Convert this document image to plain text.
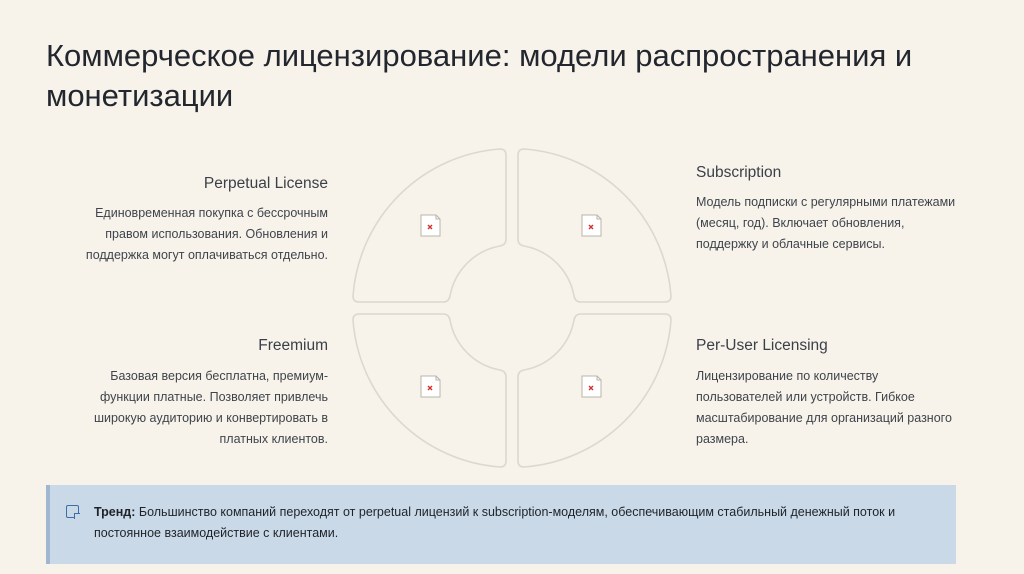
Коммерческое лицензирование: модели распространения и монетизации
Perpetual License
Единовременная покупка с бессрочным
правом использования. Обновления и
поддержка могут оплачиваться отдельно.
Subscription
Модель подписки с регулярными платежами
(месяц, год). Включает обновления,
поддержку и облачные сервисы.
Freemium
Базовая версия бесплатна, премиум-
функции платные. Позволяет привлечь
широкую аудиторию и конвертировать в
платных клиентов.
Per-User Licensing
Лицензирование по количеству
пользователей или устройств. Гибкое
масштабирование для организаций разного
размера.
Тренд: Большинство компаний переходят от perpetual лицензий к subscription-моделям, обеспечивающим стабильный денежный поток и
постоянное взаимодействие с клиентами.
